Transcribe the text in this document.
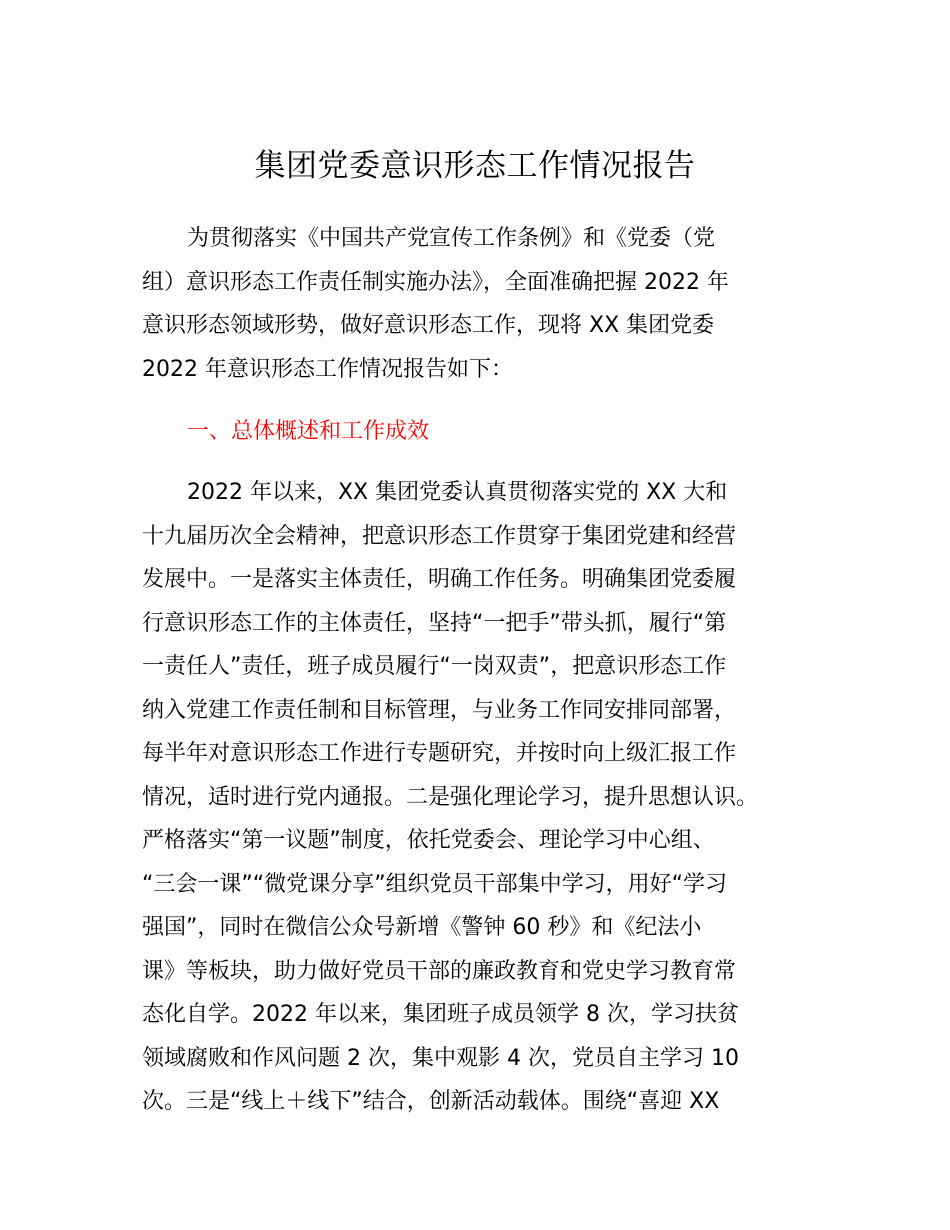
集团党委意识形态工作情况报告
为贯彻落实《中国共产党宣传工作条例》和《党委（党
组）意识形态工作责任制实施办法》，全面准确把握 2022 年
意识形态领域形势，做好意识形态工作，现将 XX 集团党委
2022 年意识形态工作情况报告如下：
一、总体概述和工作成效
2022 年以来，XX 集团党委认真贯彻落实党的 XX 大和
十九届历次全会精神，把意识形态工作贯穿于集团党建和经营
发展中。一是落实主体责任，明确工作任务。明确集团党委履
行意识形态工作的主体责任，坚持“一把手”带头抓，履行“第
一责任人”责任，班子成员履行“一岗双责”，把意识形态工作
纳入党建工作责任制和目标管理，与业务工作同安排同部署，
每半年对意识形态工作进行专题研究，并按时向上级汇报工作
情况，适时进行党内通报。二是强化理论学习，提升思想认识。
严格落实“第一议题”制度，依托党委会、理论学习中心组、
“三会一课”“微党课分享”组织党员干部集中学习，用好“学习
强国”，同时在微信公众号新增《警钟 60 秒》和《纪法小
课》等板块，助力做好党员干部的廉政教育和党史学习教育常
态化自学。2022 年以来，集团班子成员领学 8 次，学习扶贫
领域腐败和作风问题 2 次，集中观影 4 次，党员自主学习 10
次。三是“线上＋线下”结合，创新活动载体。围绕“喜迎 XX
